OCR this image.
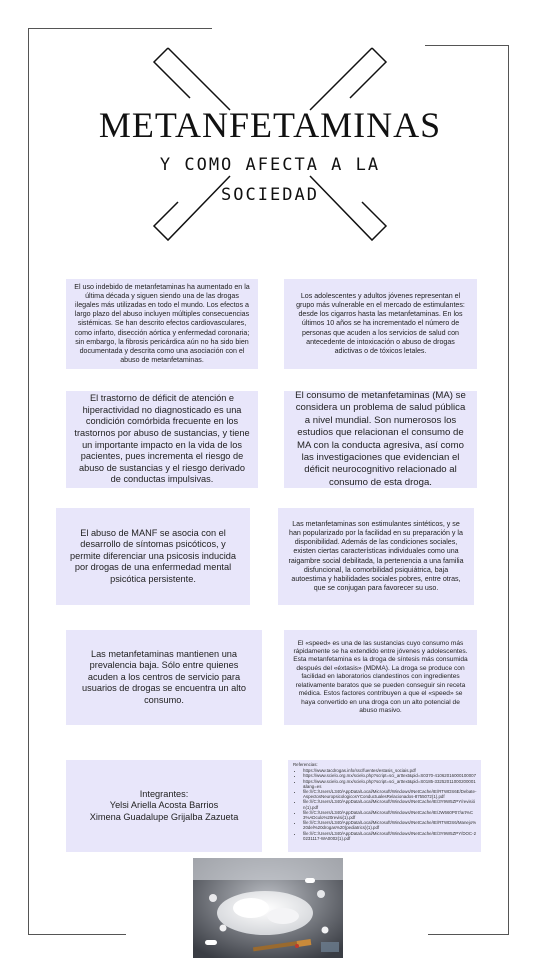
METANFETAMINAS
Y COMO AFECTA A LA SOCIEDAD
El uso indebido de metanfetaminas ha aumentado en la última década y siguen siendo una de las drogas ilegales más utilizadas en todo el mundo. Los efectos a largo plazo del abuso incluyen múltiples consecuencias sistémicas. Se han descrito efectos cardiovasculares, como infarto, disección aórtica y enfermedad coronaria; sin embargo, la fibrosis pericárdica aún no ha sido bien documentada y descrita como una asociación con el abuso de metanfetaminas.
Los adolescentes y adultos jóvenes representan el grupo más vulnerable en el mercado de estimulantes: desde los cigarros hasta las metanfetaminas. En los últimos 10 años se ha incrementado el número de personas que acuden a los servicios de salud con antecedente de intoxicación o abuso de drogas adictivas o de tóxicos letales.
El trastorno de déficit de atención e hiperactividad no diagnosticado es una condición comórbida frecuente en los trastornos por abuso de sustancias, y tiene un importante impacto en la vida de los pacientes, pues incrementa el riesgo de abuso de sustancias y el riesgo derivado de conductas impulsivas.
El consumo de metanfetaminas (MA) se considera un problema de salud pública a nivel mundial. Son numerosos los estudios que relacionan el consumo de MA con la conducta agresiva, así como las investigaciones que evidencian el déficit neurocognitivo relacionado al consumo de esta droga.
El abuso de MANF se asocia con el desarrollo de síntomas psicóticos, y permite diferenciar una psicosis inducida por drogas de una enfermedad mental psicótica persistente.
Las metanfetaminas son estimulantes sintéticos, y se han popularizado por la facilidad en su preparación y la disponibilidad. Además de las condiciones sociales, existen ciertas características individuales como una raigambre social debilitada, la pertenencia a una familia disfuncional, la comorbilidad psiquiátrica, baja autoestima y habilidades sociales pobres, entre otras, que se conjugan para favorecer su uso.
Las metanfetaminas mantienen una prevalencia baja. Sólo entre quienes acuden a los centros de servicio para usuarios de drogas se encuentra un alto consumo.
El «speed» es una de las sustancias cuyo consumo más rápidamente se ha extendido entre jóvenes y adolescentes. Esta metanfetamina es la droga de síntesis más consumida después del «éxtasis» (MDMA). La droga se produce con facilidad en laboratorios clandestinos con ingredientes relativamente baratos que se pueden conseguir sin receta médica. Estos factores contribuyen a que el «speed» se haya convertido en una droga con un alto potencial de abuso masivo.
Integrantes:
Yelsi Ariella Acosta Barrios
Ximena Guadalupe Grijalba Zazueta
Referencias:
• https://www.tacdrogas.info/ssc/fuentes/estasis_sociais.pdf
• https://www.scielo.org.mx/scielo.php?script=sci_arttext&pid=S0370-41062016000100007
• https://www.scielo.org.mx/scielo.php?script=sci_arttext&pid=S0185-33252011000200001&lang=es
• file:///C:/Users/L340/AppData/Local/Microsoft/Windows/INetCache/IE/RTWDS6E/Debate-AspectosNeuropsicologicosYConductualesRelacionados-8755072(1).pdf
• file:///C:/Users/L340/AppData/Local/Microsoft/Windows/INetCache/IE/3Y9W5ZPY/revisión(1).pdf
• file:///C:/Users/L340/AppData/Local/Microsoft/Windows/INetCache/IE/JW660P07/art%C3%ADculo%20revisi(1).pdf
• file:///C:/Users/L340/AppData/Local/Microsoft/Windows/INetCache/IE/RTWDS6/Manejo%20del%20drogas%20(pediatrics)(1).pdf
• file:///C:/Users/L340/AppData/Local/Microsoft/Windows/INetCache/IE/3Y9W5ZPY/DOC-20231117-WA0002(1).pdf
